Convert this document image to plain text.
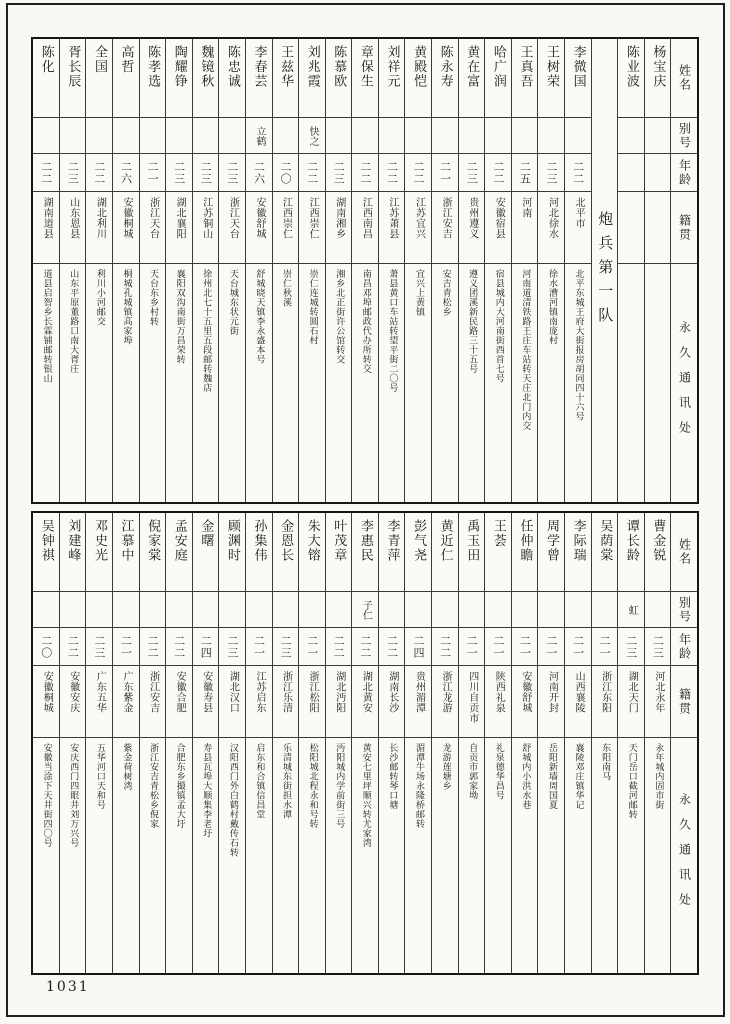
姓名
别号
年龄
籍贯
永久通讯处
杨宝庆
陈业波
炮兵第一队
李微国
二二
北平市
北平东城王府大街报房胡同四十六号
王树荣
二三
河北徐水
徐水漕河镇南庞村
王真吾
二五
河南
河南道清铁路王庄车站转天庄北门内交
哈广润
二二
安徽宿县
宿县城内大河南街西首七号
黄在富
二三
贵州遵义
遵义团溪新民路三十五号
陈永寿
二一
浙江安吉
安吉青松乡
黄殿恺
二二
江苏宜兴
宜兴上黄镇
刘祥元
二二
江苏萧县
萧县黄口车站转望平街二〇号
章保生
二二
江西南昌
南昌邓埠邮政代办所转交
陈慕欧
二三
湖南湘乡
湘乡北正街许公馆转交
刘兆霞
快之
二二
江西崇仁
崇仁连城转圆石村
王兹华
二〇
江西崇仁
崇仁秋溪
李春芸
立鹤
二六
安徽舒城
舒城晓天镇李永盛本号
陈忠诚
二三
浙江天台
天台城东状元街
魏镜秋
二三
江苏铜山
徐州北七十五里五段邮转魏店
陶耀铮
二三
湖北襄阳
襄阳双沟南街万昌荣转
陈孝选
二一
浙江天台
天台东乡村转
高哲
二六
安徽桐城
桐城孔城镇高家埠
全国
二二
湖北利川
利川小河邮交
胥长辰
二三
山东恩县
山东平原董路口南大胥庄
陈化
二二
湖南道县
道县启智乡长霖铺邮转银山
姓名
别号
年龄
籍贯
永久通讯处
曹金锐
二三
河北永年
永年城内固市街
谭长龄
虹
二三
湖北天门
天门岳口截河邮转
吴荫棠
二一
浙江东阳
东阳南马
李际瑞
二一
山西襄陵
襄陵邓庄镇华记
周学曾
二一
河南开封
岳阳新墙周国夏
任仲瞻
二一
安徽舒城
舒城内小洪水巷
王荟
二一
陕西礼泉
礼泉德华昌号
禹玉田
二一
四川自贡市
自贡市郭家坳
黄近仁
二二
浙江龙游
龙游莲塘乡
彭气尧
二四
贵州湄潭
湄潭牛场永隆桥邮转
李青萍
二二
湖南长沙
长沙邮转琴口塘
李惠民
子仁
二二
湖北黄安
黄安七里坪顺兴转尤家湾
叶茂章
二二
湖北沔阳
沔阳城内学前街三号
朱大镕
二一
浙江松阳
松阳城北程永和号转
金恩长
二三
浙江乐清
乐清城东街担水潭
孙集伟
二一
江苏启东
启东和合镇信昌堂
顾渊时
二三
湖北汉口
汉阳西门外白鹤村戴传石转
金曙
二四
安徽寿县
寿县瓦埠大顺集李老圩
孟安庭
二二
安徽合肥
合肥东乡撮镇孟大圩
倪家棠
二二
浙江安吉
浙江安吉青松乡倪家
江慕中
二一
广东紫金
紫金荷树湾
邓史光
二三
广东五华
五华河口天和号
刘建峰
二二
安徽安庆
安庆西门四眼井刘万兴号
吴钟祺
二〇
安徽桐城
安徽当涂下天井街四〇号
1031
